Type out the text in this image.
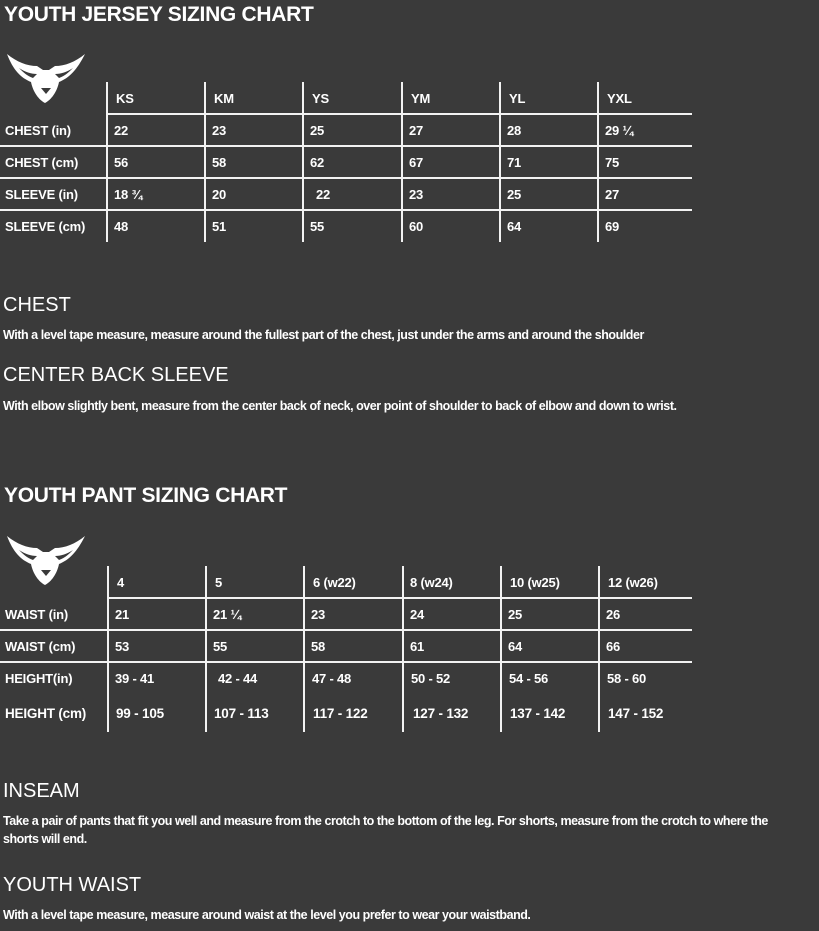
YOUTH JERSEY SIZING CHART
KS	KM	YS	YM	YL	YXL
CHEST (in)	22	23	25	27	28	29 ¼
CHEST (cm)	56	58	62	67	71	75
SLEEVE (in)	18 ¾	20	22	23	25	27
SLEEVE (cm) 48	51	55	60	64	69
CHEST

With a level tape measure, measure around the fullest part of the chest, just under the arms and around the shoulder

CENTER BACK SLEEVE

With elbow slightly bent, measure from the center back of neck, over point of shoulder to back of elbow and down to wrist.

YOUTH PANT SIZING CHART
4	5	6 (w22)	8 (w24)	10 (w25)	12 (w26)
WAIST (in)	21	21 ¼	23	24	25	26
WAIST (cm)	53	55	58	61	64	66
HEIGHT(in)	39 - 41	42 - 44	47 - 48	50 - 52	54 - 56	58 - 60
HEIGHT (cm) 99 - 105	107 - 113	117 - 122	127 - 132	137 - 142	147 - 152
INSEAM

Take a pair of pants that fit you well and measure from the crotch to the bottom of the leg. For shorts, measure from the crotch to where the shorts will end.

YOUTH WAIST

With a level tape measure, measure around waist at the level you prefer to wear your waistband.
